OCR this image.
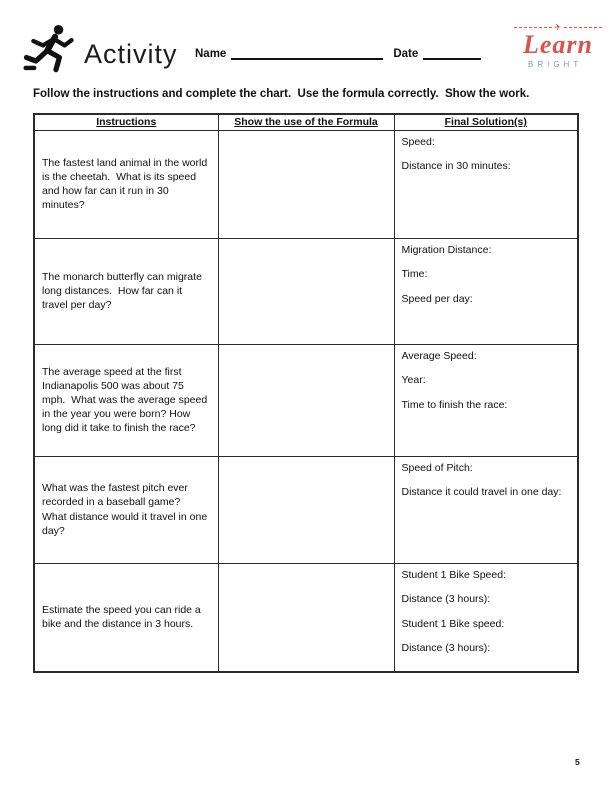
Activity Name	Date
✈
Learn
BRIGHT
Follow the instructions and complete the chart.  Use the formula correctly.  Show the work.
Instructions	Show the use of the Formula	Final Solution(s)
The fastest land animal in the world is the cheetah.  What is its speed and how far can it run in 30 minutes?		Speed:
Distance in 30 minutes:

The monarch butterfly can migrate long distances.  How far can it travel per day?		Migration Distance:
Time:
Speed per day:

The average speed at the first Indianapolis 500 was about 75 mph.  What was the average speed in the year you were born? How long did it take to finish the race?		Average Speed:
Year:
Time to finish the race:

What was the fastest pitch ever recorded in a baseball game?  What distance would it travel in one day?		Speed of Pitch:
Distance it could travel in one day:

Estimate the speed you can ride a bike and the distance in 3 hours.		Student 1 Bike Speed:
Distance (3 hours):
Student 1 Bike speed:
Distance (3 hours):
5
